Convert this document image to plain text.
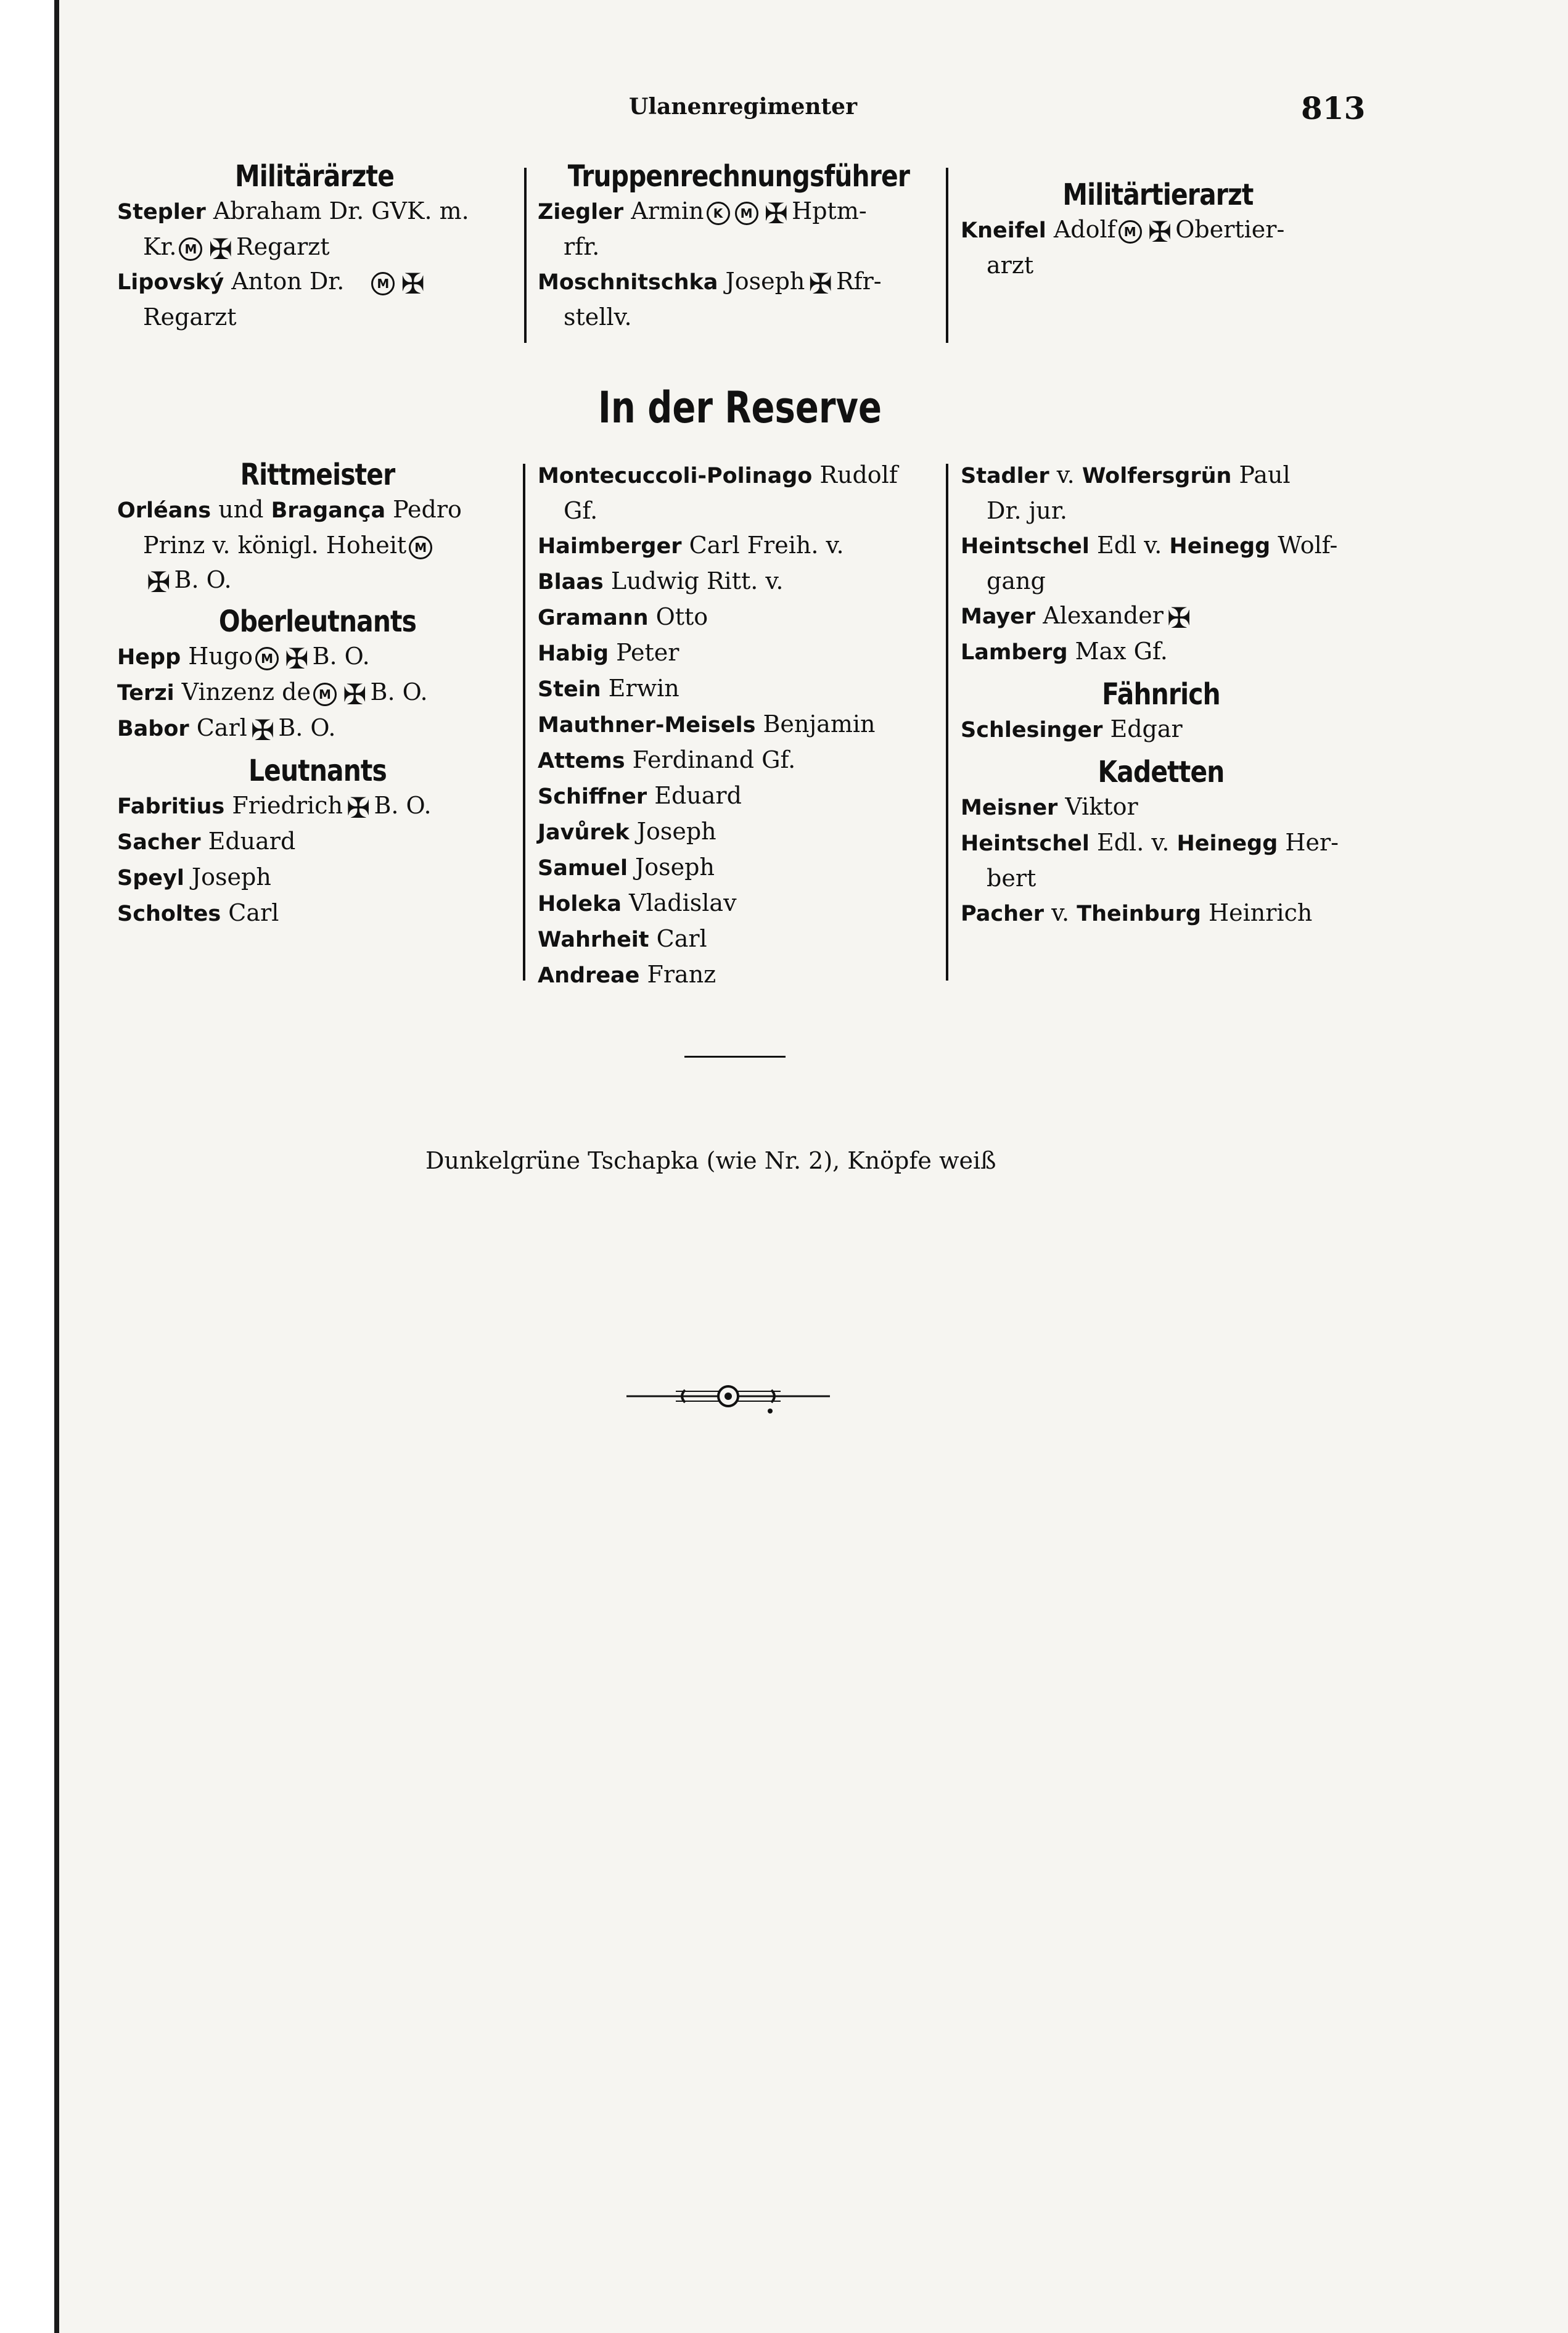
Ulanenregimenter	813

Militärärzte

Stepler Abraham Dr. GVK. m.

Kr. M ✠ Regarzt

Lipovský Anton Dr.	M ✠

Regarzt

Truppenrechnungsführer

Ziegler Armin K M ✠ Hptm-

rfr.

Moschnitschka Joseph ✠ Rfr-

stellv.

Militärtierarzt

Kneifel Adolf M ✠ Obertier-

arzt

In der Reserve

Rittmeister

Orléans und Bragança Pedro

Prinz v. königl. Hoheit M

✠ B. O.

Oberleutnants

Hepp Hugo M ✠ B. O.

Terzi Vinzenz de M ✠ B. O.

Babor Carl ✠ B. O.

Leutnants

Fabritius Friedrich ✠ B. O.

Sacher Eduard

Speyl Joseph

Scholtes Carl

Montecuccoli-Polinago Rudolf

Gf.

Haimberger Carl Freih. v.

Blaas Ludwig Ritt. v.

Gramann Otto

Habig Peter

Stein Erwin

Mauthner-Meisels Benjamin

Attems Ferdinand Gf.

Schiffner Eduard

Javůrek Joseph

Samuel Joseph

Holeka Vladislav

Wahrheit Carl

Andreae Franz

Stadler v. Wolfersgrün Paul

Dr. jur.

Heintschel Edl v. Heinegg Wolf-

gang

Mayer Alexander ✠

Lamberg Max Gf.

Fähnrich

Schlesinger Edgar

Kadetten

Meisner Viktor

Heintschel Edl. v. Heinegg Her-

bert

Pacher v. Theinburg Heinrich

Dunkelgrüne Tschapka (wie Nr. 2), Knöpfe weiß
